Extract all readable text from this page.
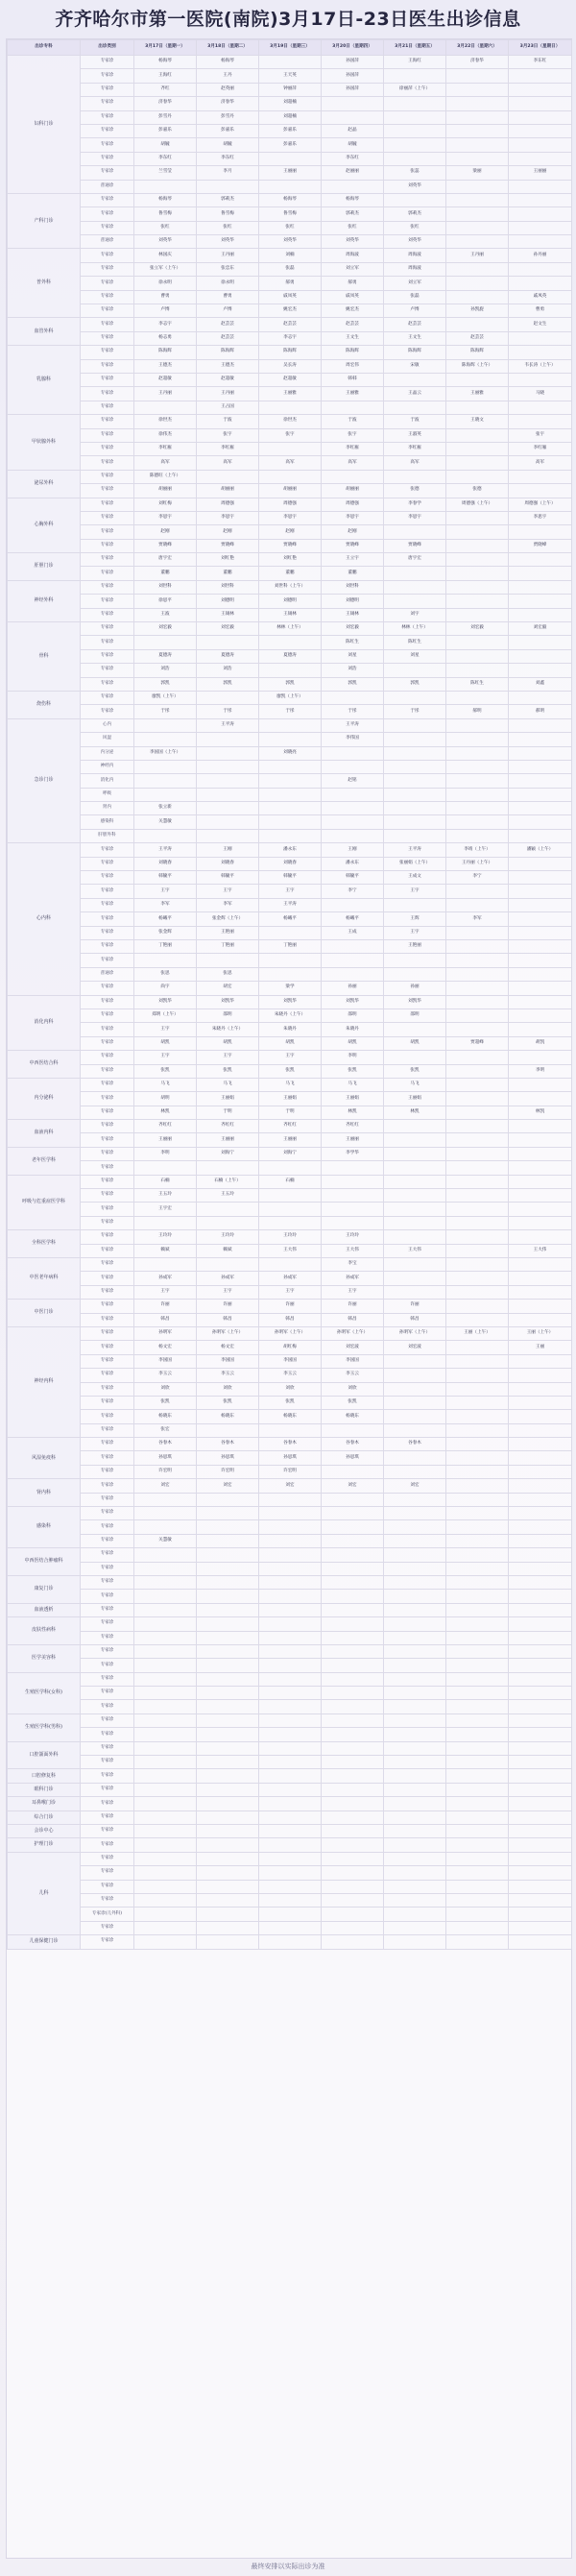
齐齐哈尔市第一医院(南院)3月17日-23日医生出诊信息
出诊专科	出诊类别	3月17日（星期一）	3月18日（星期二）	3月19日（星期三）	3月20日（星期四）	3月21日（星期五）	3月22日（星期六）	3月23日（星期日）
妇科门诊	专家诊	杨海琴	杨海琴		孙国萍	王海红	济春华	李东红
	专家诊	王海红	王丹	王天英	孙国萍			
	专家诊	齐红	赵英丽	钟丽萍	孙国萍	徐丽萍（上午）		
	专家诊	济春华	济春华	刘超楠				
	专家诊	彭雪丹	彭雪丹	刘超楠				
	专家诊	彭嘉乐	彭嘉乐	彭嘉乐	赵晶			
	专家诊	胡毓	胡毓	彭嘉乐	胡毓			
	专家诊	李东红	李东红		李东红			
	专家诊	兰雪莹	李月	王丽丽	赵丽丽	张蕊	梁丽	王丽丽
	普通诊					刘英华		
产科门诊	专家诊	杨海琴	郭莉杰	杨海琴	杨海琴			
	专家诊	鲁雪梅	鲁雪梅	鲁雪梅	郭莉杰	郭莉杰		
	专家诊	张红	张红	张红	张红	张红		
	普通诊	刘英华	刘英华	刘英华	刘英华	刘英华		
普外科	专家诊	林国庆	王丹丽	刘楠	周海波	周海波	王丹丽	孙丹丽
	专家诊	张立军（上午）	张忠东	张磊	刘立军	周海波		
	专家诊	徐永明	徐永明	郝勇	郝勇	刘立军		
	专家诊	曹勇	曹勇	戚凤英	戚凤英	张磊		戚凤英
	专家诊	卢博	卢博	姚宏杰	姚宏杰	卢博	孙凯旋	曹勇
血管外科	专家诊	李志宇	赵芸芸	赵芸芸	赵芸芸	赵芸芸		赵文生
	专家诊	杨志勇	赵芸芸	李志宇	王文生	王文生	赵芸芸	
乳腺科	专家诊	陈海辉	陈海辉	陈海辉	陈海辉	陈海辉	陈海辉	
	专家诊	王德杰	王德杰	吴长涛	周宏伟	宋敏	陈海辉（上午）	韦长涛（上午）
	专家诊	赵超敏	赵超敏	赵超敏	韩韩			
	专家诊	王丹丽	王丹丽	王丽雅	王丽雅	王晶云	王丽雅	马晓
	专家诊		王占国					
甲状腺外科	专家诊	徐世杰	于波	徐世杰	于波	于波	王晓文	
	专家诊	徐伟杰	张宇	张宇	张宇	王淑英		张宇
	专家诊	李红雁	李红雁		李红雁	李红雁		李红雁
	专家诊	高军	高军	高军	高军	高军		高军
泌尿外科	专家诊	陈德旺（上午）						
	专家诊	胡丽丽	胡丽丽	胡丽丽	胡丽丽	张德	张德	
心胸外科	专家诊	刘红梅	周德强	周德强	周德强	李春学	周德强（上午）	周德强（上午）
	专家诊	李思宇	李思宇	李思宇	李思宇	李思宇		李思宇
	专家诊	赵刚	赵刚	赵刚	赵刚			
	专家诊	贾晓峰	贾晓峰	贾晓峰	贾晓峰	贾晓峰		贾晓峰
肝胆门诊	专家诊	唐宇宏	刘红艳	刘红艳	王立宇	唐宇宏		
	专家诊	董鹏	董鹏	董鹏	董鹏			
神经外科	专家诊	刘世科	刘世科	刘世科（上午）	刘世科			
	专家诊	徐思平	刘德明	刘德明	刘德明			
	专家诊	王波	王锡林	王锡林	王锡林	刘宇		
骨科	专家诊	刘宏毅	刘宏毅	林林（上午）	刘宏毅	林林（上午）	刘宏毅	刘宏毅
	专家诊				陈红生	陈红生		
	专家诊	夏德涛	夏德涛	夏德涛	刘星	刘星		
	专家诊	刘浩	刘浩		刘浩			
	专家诊	郭凯	郭凯	郭凯	郭凯	郭凯	陈红生	刘鑫
烧伤科	专家诊	廖凯（上午）		廖凯（上午）				
	专家诊	于彤	于彤	于彤	于彤	于彤	郝明	郝明
急诊门诊	心内		王平涛		王平涛			
	风湿				李伟国			
	内分泌	李国国（上午）		刘晓亮				
	神经内							
	消化内				赵铭			
	呼吸							
	肾内	张立新						
	感染科	关慧敏						
	肝胆外科							
心内科	专家诊	王平涛	王刚	潘永东	王刚	王平涛	李靖（上午）	潘颖（上午）
	专家诊	刘晓春	刘晓春	刘晓春	潘永东	张丽娟（上午）	王丹丽（上午）	
	专家诊	韩毓平	韩毓平	韩毓平	韩毓平	王成文	李宁	
	专家诊	王宇	王宇	王宇	李宁	王宇		
	专家诊	李军	李军	王平涛				
	专家诊	杨曦平	张金辉（上午）	杨曦平	杨曦平	王辉	李军	
	专家诊	张金辉	王艳丽		王成	王宇		
	专家诊	丁艳丽	丁艳丽	丁艳丽		王艳丽		
	专家诊							
	普通诊	张思	张思					
	专家诊	尚宇	胡宏	梁学	孙丽	孙丽		
消化内科	专家诊	刘凯华	刘凯华	刘凯华	刘凯华	刘凯华		
	专家诊	郑明（上午）	邵明	朱晓丹（上午）	邵明	邵明		
	专家诊	王宇	朱晓丹（上午）	朱晓丹	朱晓丹			
	专家诊	胡凯	胡凯	胡凯	胡凯	胡凯	贾超峰	胡凯
中西医结合科	专家诊	王宇	王宇	王宇	李明			
	专家诊	张凯	张凯	张凯	张凯	张凯		李明
内分泌科	专家诊	马飞	马飞	马飞	马飞	马飞		
	专家诊	胡明	王丽娟	王丽娟	王丽娟	王丽娟		
	专家诊	林凯	于明	于明	林凯	林凯		林凯
血液内科	专家诊	齐红红	齐红红	齐红红	齐红红			
	专家诊	王丽丽	王丽丽	王丽丽	王丽丽			
老年医学科	专家诊	李明	刘海宁	刘海宁	李学华			
	专家诊							
呼吸与危重症医学科	专家诊	石楠	石楠（上午）	石楠				
	专家诊	王五玲	王五玲					
	专家诊	王宇宏						
	专家诊							
全科医学科	专家诊	王玲玲	王玲玲	王玲玲	王玲玲			
	专家诊	赖斌	赖斌	王大伟	王大伟	王大伟		王大伟
中医老年病科	专家诊				李宝			
	专家诊	孙成军	孙成军	孙成军	孙成军			
	专家诊	王宇	王宇	王宇	王宇			
中医门诊	专家诊	许丽	许丽	许丽	许丽	许丽		
	专家诊	韩昌	韩昌	韩昌	韩昌	韩昌		
神经内科	专家诊	孙明军	孙明军（上午）	孙明军（上午）	孙明军（上午）	孙明军（上午）	王丽（上午）	王丽（上午）
	专家诊	杨文宏	杨文宏	胡红梅	刘宏波	刘宏波		王丽
	专家诊	李国国	李国国	李国国	李国国			
	专家诊	李玉云	李玉云	李玉云	李玉云			
	专家诊	刘欣	刘欣	刘欣	刘欣			
	专家诊	张凯	张凯	张凯	张凯			
	专家诊	杨晓东	杨晓东	杨晓东	杨晓东			
	专家诊	张宏						
风湿免疫科	专家诊	谷春木	谷春木	谷春木	谷春木	谷春木		
	专家诊	孙思琪	孙思琪	孙思琪	孙思琪			
	专家诊	许宏明	许宏明	许宏明				
肾内科	专家诊	刘宏	刘宏	刘宏	刘宏	刘宏		
	专家诊							
感染科	专家诊							
	专家诊							
	专家诊	关慧敏						
中西医结合肿瘤科	专家诊							
	专家诊							
康复门诊	专家诊							
	专家诊							
血液透析	专家诊							
皮肤性病科	专家诊							
	专家诊							
医学美容科	专家诊							
	专家诊							
生殖医学科(女科)	专家诊							
	专家诊							
	专家诊							
生殖医学科(男科)	专家诊							
	专家诊							
口腔颌面外科	专家诊							
	专家诊							
口腔修复科	专家诊							
眼科门诊	专家诊							
耳鼻喉门诊	专家诊							
综合门诊	专家诊							
会诊中心	专家诊							
护理门诊	专家诊							
儿科	专家诊							
	专家诊							
	专家诊							
	专家诊							
	专家诊(儿外科)							
	专家诊							
儿童保健门诊	专家诊							
最终安排以实际出诊为准
